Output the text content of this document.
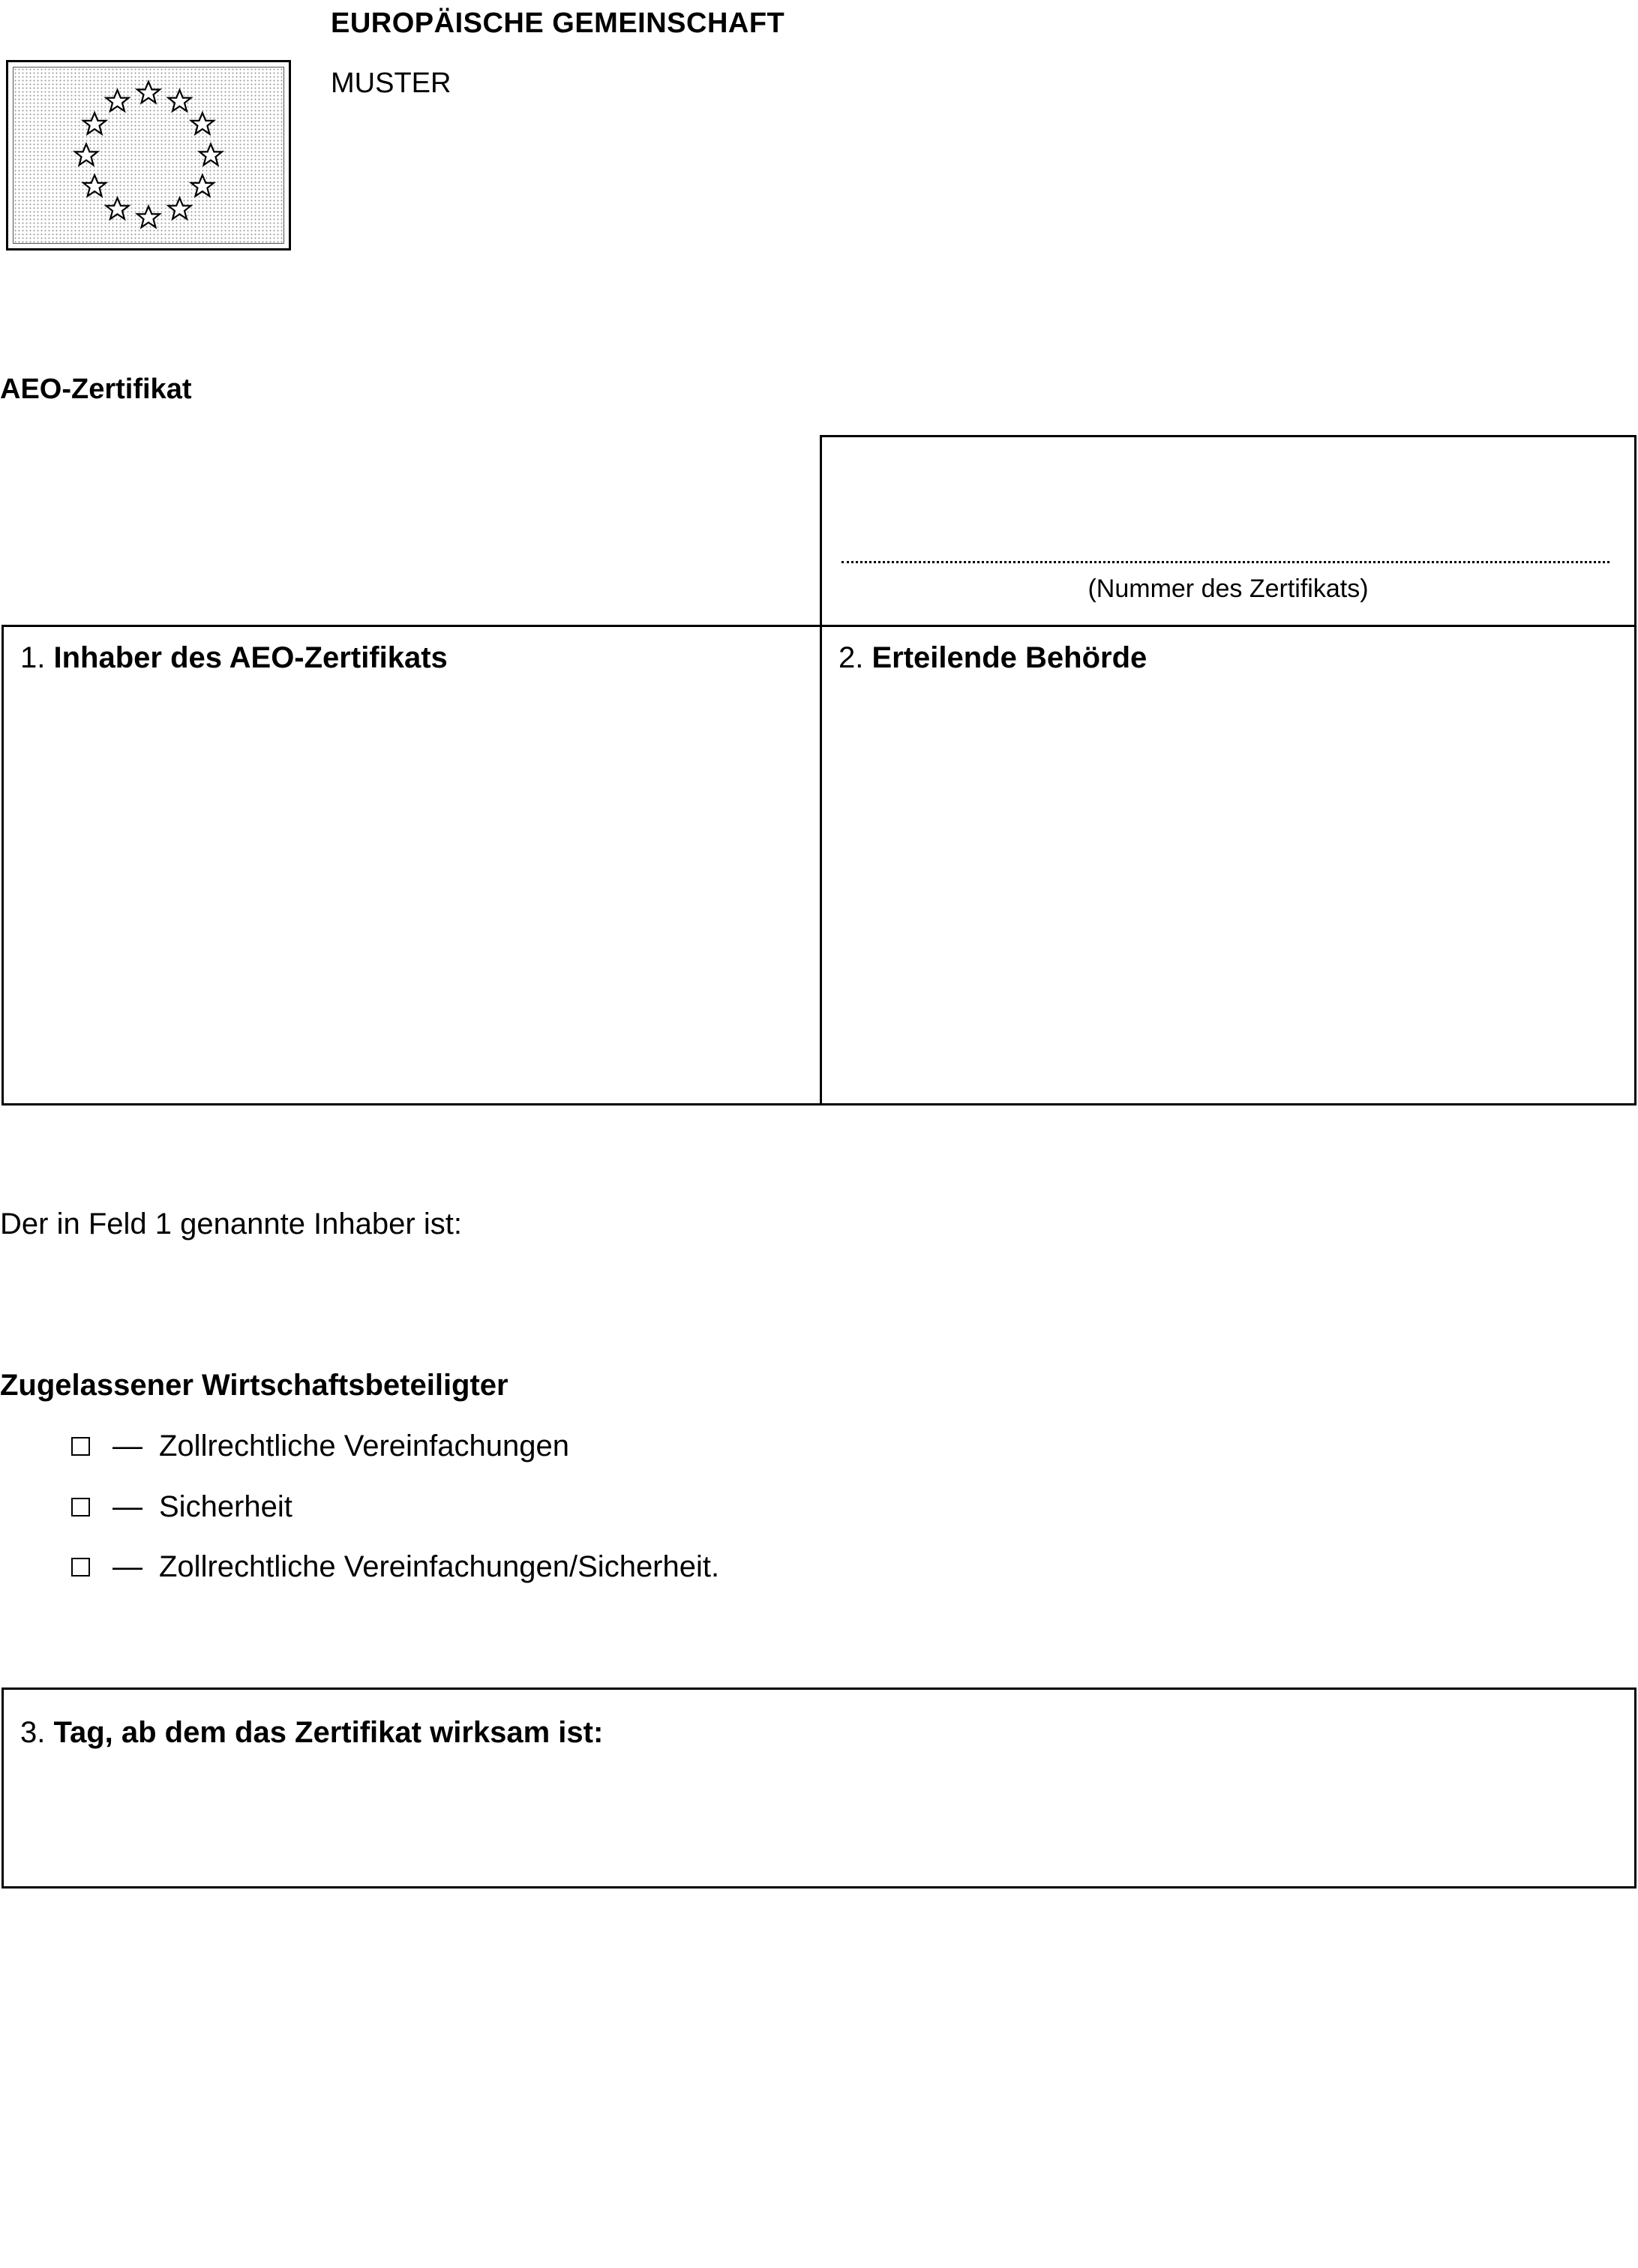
EUROPÄISCHE GEMEINSCHAFT
MUSTER
AEO-Zertifikat
(Nummer des Zertifikats)
1. Inhaber des AEO-Zertifikats	2. Erteilende Behörde
Der in Feld 1 genannte Inhaber ist:
Zugelassener Wirtschaftsbeteiligter
— Zollrechtliche Vereinfachungen
— Sicherheit
— Zollrechtliche Vereinfachungen/Sicherheit.
3. Tag, ab dem das Zertifikat wirksam ist:
